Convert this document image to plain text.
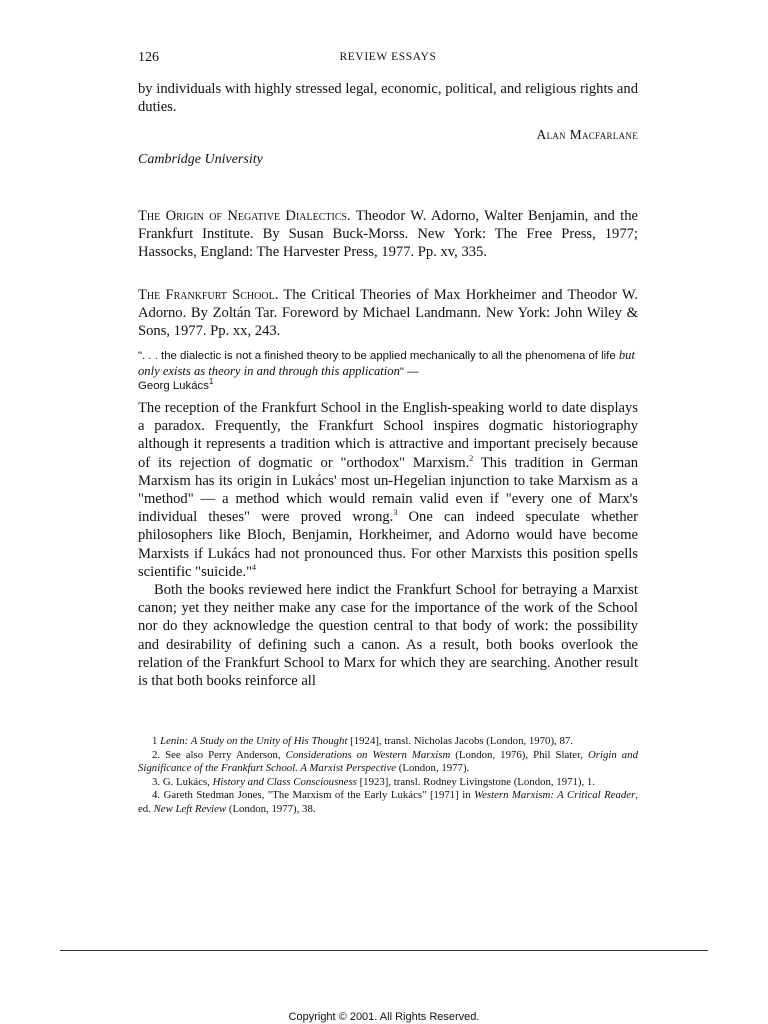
126	REVIEW ESSAYS
by individuals with highly stressed legal, economic, political, and religious rights and duties.
Alan Macfarlane
Cambridge University
The Origin of Negative Dialectics. Theodor W. Adorno, Walter Benjamin, and the Frankfurt Institute. By Susan Buck-Morss. New York: The Free Press, 1977; Hassocks, England: The Harvester Press, 1977. Pp. xv, 335.
The Frankfurt School. The Critical Theories of Max Horkheimer and Theodor W. Adorno. By Zoltán Tar. Foreword by Michael Landmann. New York: John Wiley & Sons, 1977. Pp. xx, 243.
". . . the dialectic is not a finished theory to be applied mechanically to all the phenomena of life but only exists as theory in and through this application" —
Georg Lukács$^1$

The reception of the Frankfurt School in the English-speaking world to date displays a paradox. Frequently, the Frankfurt School inspires dogmatic historiography although it represents a tradition which is attractive and important precisely because of its rejection of dogmatic or "orthodox" Marxism.$^2$ This tradition in German Marxism has its origin in Lukács' most un-Hegelian injunction to take Marxism as a "method" — a method which would remain valid even if "every one of Marx's individual theses" were proved wrong.$^3$ One can indeed speculate whether philosophers like Bloch, Benjamin, Horkheimer, and Adorno would have become Marxists if Lukács had not pronounced thus. For other Marxists this position spells scientific "suicide."$^4$

Both the books reviewed here indict the Frankfurt School for betraying a Marxist canon; yet they neither make any case for the importance of the work of the School nor do they acknowledge the question central to that body of work: the possibility and desirability of defining such a canon. As a result, both books overlook the relation of the Frankfurt School to Marx for which they are searching. Another result is that both books reinforce all

1 Lenin: A Study on the Unity of His Thought [1924], transl. Nicholas Jacobs (London, 1970), 87.

2. See also Perry Anderson, Considerations on Western Marxism (London, 1976), Phil Slater, Origin and Significance of the Frankfurt School. A Marxist Perspective (London, 1977).

3. G. Lukács, History and Class Consciousness [1923], transl. Rodney Livingstone (London, 1971), 1.

4. Gareth Stedman Jones, "The Marxism of the Early Lukács" [1971] in Western Marxism: A Critical Reader, ed. New Left Review (London, 1977), 38.

Copyright © 2001. All Rights Reserved.
